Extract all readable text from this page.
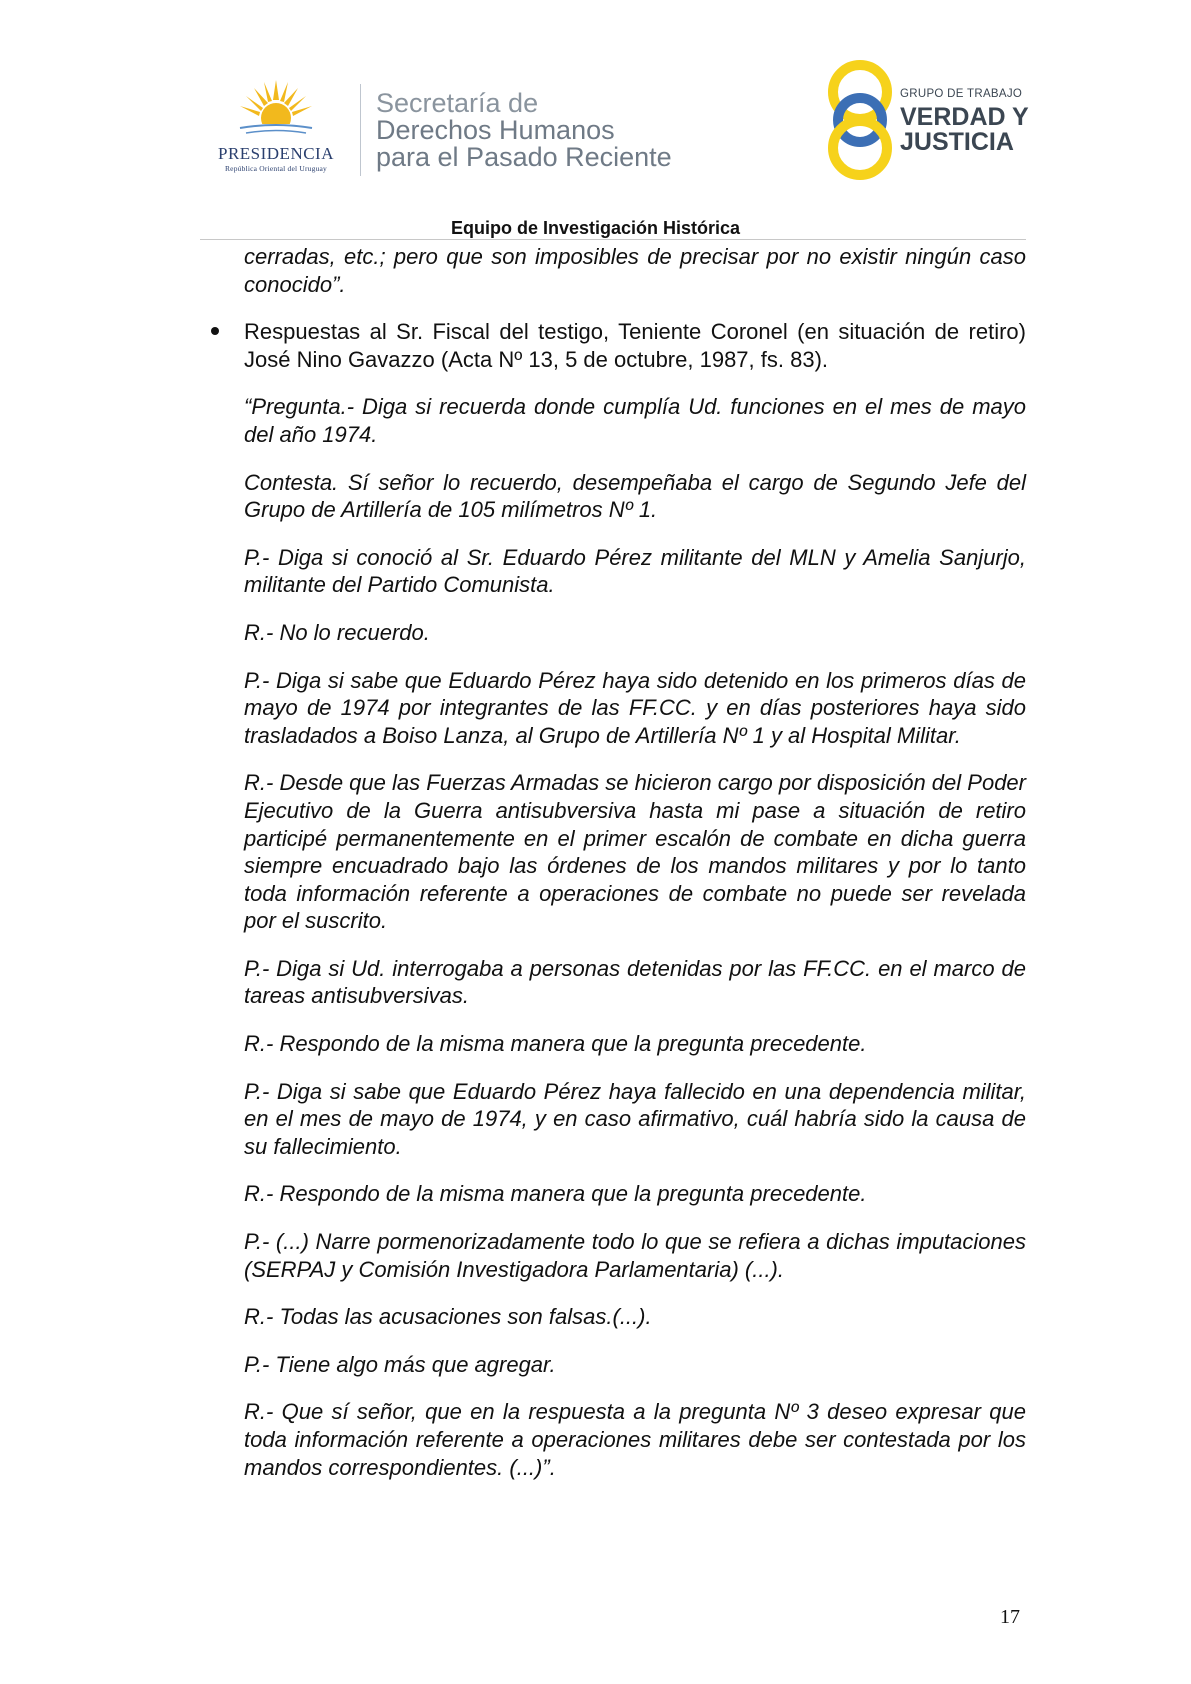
PRESIDENCIA
República Oriental del Uruguay
Secretaría de
Derechos Humanos
para el Pasado Reciente
GRUPO DE TRABAJO
VERDAD Y
JUSTICIA
Equipo de Investigación Histórica

cerradas, etc.; pero que son imposibles de precisar por no existir ningún caso conocido”.

Respuestas al Sr. Fiscal del testigo, Teniente Coronel (en situación de retiro) José Nino Gavazzo (Acta Nº 13, 5 de octubre, 1987, fs. 83).

“Pregunta.- Diga si recuerda donde cumplía Ud. funciones en el mes de mayo del año 1974.

Contesta. Sí señor lo recuerdo, desempeñaba el cargo de Segundo Jefe del Grupo de Artillería de 105 milímetros Nº 1.

P.- Diga si conoció al Sr. Eduardo Pérez militante del MLN y Amelia Sanjurjo, militante del Partido Comunista.

R.- No lo recuerdo.

P.- Diga si sabe que Eduardo Pérez haya sido detenido en los primeros días de mayo de 1974 por integrantes de las FF.CC. y en días posteriores haya sido trasladados a Boiso Lanza, al Grupo de Artillería Nº 1 y al Hospital Militar.

R.- Desde que las Fuerzas Armadas se hicieron cargo por disposición del Poder Ejecutivo de la Guerra antisubversiva hasta mi pase a situación de retiro participé permanentemente en el primer escalón de combate en dicha guerra siempre encuadrado bajo las órdenes de los mandos militares y por lo tanto toda información referente a operaciones de combate no puede ser revelada por el suscrito.

P.- Diga si Ud. interrogaba a personas detenidas por las FF.CC. en el marco de tareas antisubversivas.

R.- Respondo de la misma manera que la pregunta precedente.

P.- Diga si sabe que Eduardo Pérez haya fallecido en una dependencia militar, en el mes de mayo de 1974, y en caso afirmativo, cuál habría sido la causa de su fallecimiento.

R.- Respondo de la misma manera que la pregunta precedente.

P.- (...) Narre pormenorizadamente todo lo que se refiera a dichas imputaciones (SERPAJ y Comisión Investigadora Parlamentaria) (...).

R.- Todas las acusaciones son falsas.(...).

P.- Tiene algo más que agregar.

R.- Que sí señor, que en la respuesta a la pregunta Nº 3 deseo expresar que toda información referente a operaciones militares debe ser contestada por los mandos correspondientes. (...)”.

17
